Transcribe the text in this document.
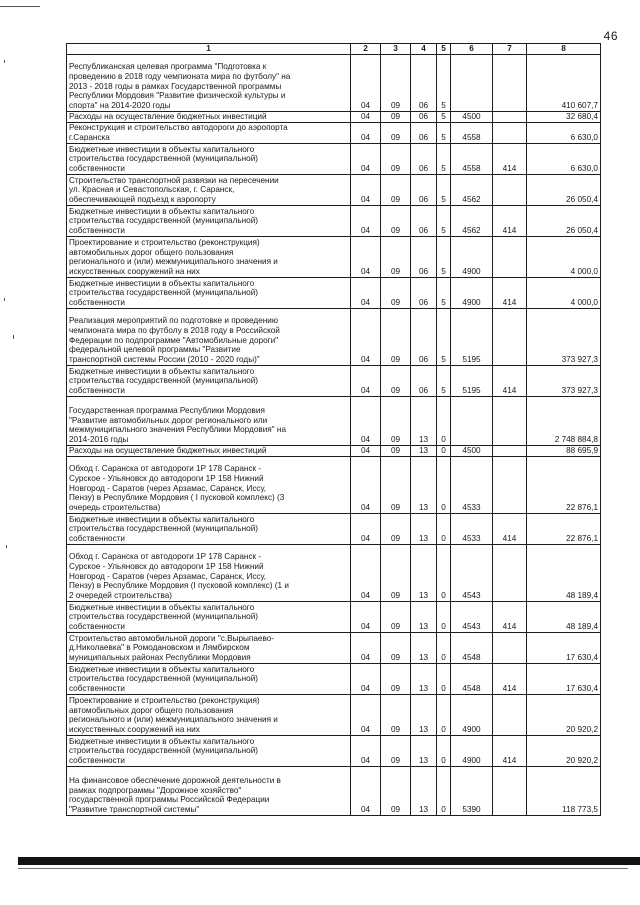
46
1	2	3	4	5	6	7	8
Республиканская целевая программа "Подготовка к
проведению в 2018 году чемпионата мира по футболу" на
2013 - 2018 годы в рамках Государственной программы
Республики Мордовия "Развитие физической культуры и
спорта" на 2014-2020 годы	04	09	06	5			410 607,7
Расходы на осуществление бюджетных инвестиций	04	09	06	5	4500		32 680,4
Реконструкция и строительство автодороги до аэропорта
г.Саранска	04	09	06	5	4558		6 630,0
Бюджетные инвестиции в объекты капитального
строительства государственной (муниципальной)
собственности	04	09	06	5	4558	414	6 630,0
Строительство транспортной развязки на пересечении
ул. Красная и Севастопольская, г. Саранск,
обеспечивающей подъезд к аэропорту	04	09	06	5	4562		26 050,4
Бюджетные инвестиции в объекты капитального
строительства государственной (муниципальной)
собственности	04	09	06	5	4562	414	26 050,4
Проектирование и строительство (реконструкция)
автомобильных дорог общего пользования
регионального и (или) межмуниципального значения и
искусственных сооружений на них	04	09	06	5	4900		4 000,0
Бюджетные инвестиции в объекты капитального
строительства государственной (муниципальной)
собственности	04	09	06	5	4900	414	4 000,0
Реализация мероприятий по подготовке и проведению
чемпионата мира по футболу в 2018 году в Российской
Федерации по подпрограмме "Автомобильные дороги"
федеральной целевой программы "Развитие
транспортной системы России (2010 - 2020 годы)"	04	09	06	5	5195		373 927,3
Бюджетные инвестиции в объекты капитального
строительства государственной (муниципальной)
собственности	04	09	06	5	5195	414	373 927,3
Государственная программа Республики Мордовия
"Развитие автомобильных дорог регионального или
межмуниципального значения Республики Мордовия" на
2014-2016 годы	04	09	13	0			2 748 884,8
Расходы на осуществление бюджетных инвестиций	04	09	13	0	4500		88 695,9
Обход г. Саранска от автодороги 1Р 178 Саранск -
Сурское - Ульяновск до автодороги 1Р 158 Нижний
Новгород - Саратов (через Арзамас, Саранск, Иссу,
Пензу) в Республике Мордовия ( I пусковой комплекс) (3
очередь строительства)	04	09	13	0	4533		22 876,1
Бюджетные инвестиции в объекты капитального
строительства государственной (муниципальной)
собственности	04	09	13	0	4533	414	22 876,1
Обход г. Саранска от автодороги 1Р 178 Саранск -
Сурское - Ульяновск до автодороги 1Р 158 Нижний
Новгород - Саратов (через Арзамас, Саранск, Иссу,
Пензу) в Республике Мордовия (I пусковой комплекс) (1 и
2 очередей строительства)	04	09	13	0	4543		48 189,4
Бюджетные инвестиции в объекты капитального
строительства государственной (муниципальной)
собственности	04	09	13	0	4543	414	48 189,4
Строительство автомобильной дороги "с.Вырыпаево-
д.Николаевка" в Ромодановском и Лямбирском
муниципальных районах Республики Мордовия	04	09	13	0	4548		17 630,4
Бюджетные инвестиции в объекты капитального
строительства государственной (муниципальной)
собственности	04	09	13	0	4548	414	17 630,4
Проектирование и строительство (реконструкция)
автомобильных дорог общего пользования
регионального и (или) межмуниципального значения и
искусственных сооружений на них	04	09	13	0	4900		20 920,2
Бюджетные инвестиции в объекты капитального
строительства государственной (муниципальной)
собственности	04	09	13	0	4900	414	20 920,2
На финансовое обеспечение дорожной деятельности в
рамках подпрограммы "Дорожное хозяйство"
государственной программы Российской Федерации
"Развитие транспортной системы"	04	09	13	0	5390		118 773,5
